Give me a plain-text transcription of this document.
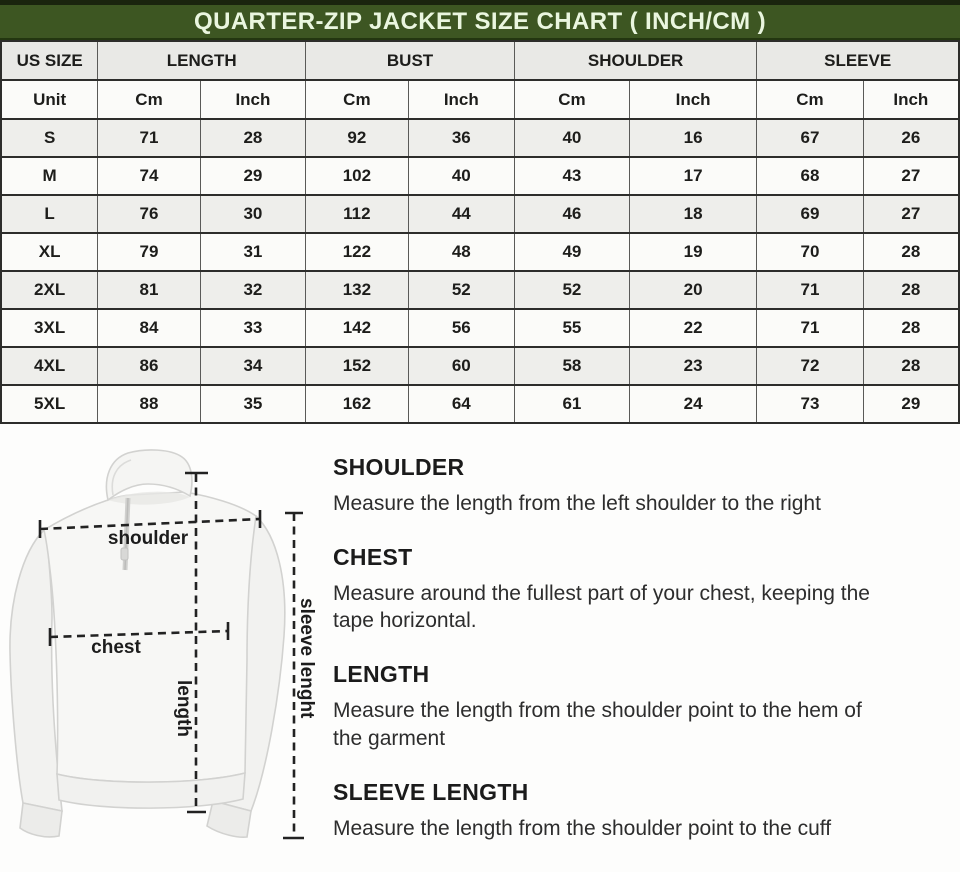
QUARTER-ZIP JACKET SIZE CHART ( INCH/CM )
US SIZE	LENGTH		BUST		SHOULDER		SLEEVE	
Unit	Cm	Inch	Cm	Inch	Cm	Inch	Cm	Inch
S	71	28	92	36	40	16	67	26
M	74	29	102	40	43	17	68	27
L	76	30	112	44	46	18	69	27
XL	79	31	122	48	49	19	70	28
2XL	81	32	132	52	52	20	71	28
3XL	84	33	142	56	55	22	71	28
4XL	86	34	152	60	58	23	72	28
5XL	88	35	162	64	61	24	73	29
shoulder
chest
length	sleeve lenght
SHOULDER

Measure the length from the left shoulder to the right

CHEST

Measure around the fullest part of your chest, keeping the tape horizontal.

LENGTH

Measure the length from the shoulder point to the hem of the garment

SLEEVE LENGTH

Measure the length from the shoulder point to the cuff
